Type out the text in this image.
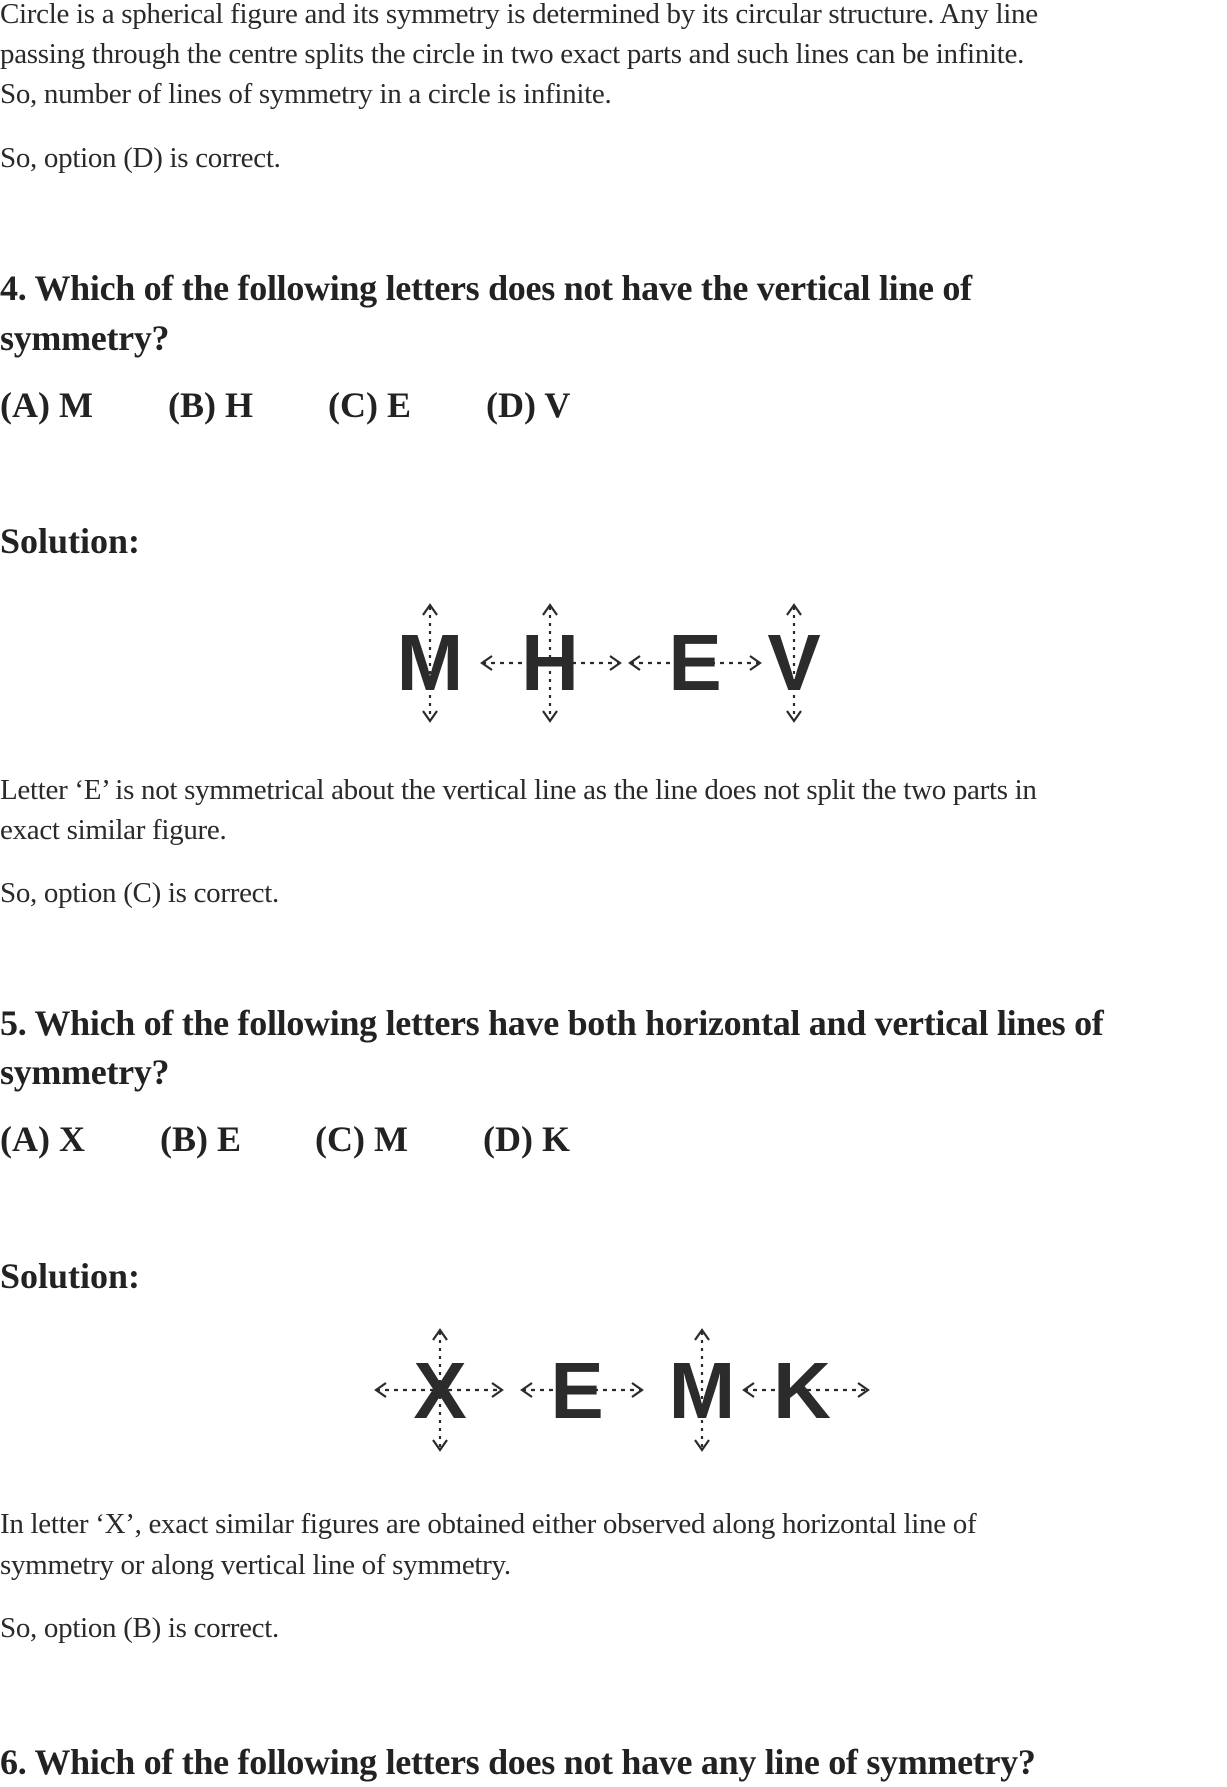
Circle is a spherical figure and its symmetry is determined by its circular structure. Any line

passing through the centre splits the circle in two exact parts and such lines can be infinite.

So, number of lines of symmetry in a circle is infinite.

So, option (D) is correct.

4. Which of the following letters does not have the vertical line of

symmetry?

(A) M	(B) H	(C) E	(D) V

Solution:

M H E V

Letter ‘E’ is not symmetrical about the vertical line as the line does not split the two parts in

exact similar figure.

So, option (C) is correct.

5. Which of the following letters have both horizontal and vertical lines of

symmetry?

(A) X	(B) E	(C) M	(D) K

Solution:

X E M K

In letter ‘X’, exact similar figures are obtained either observed along horizontal line of

symmetry or along vertical line of symmetry.

So, option (B) is correct.

6. Which of the following letters does not have any line of symmetry?
